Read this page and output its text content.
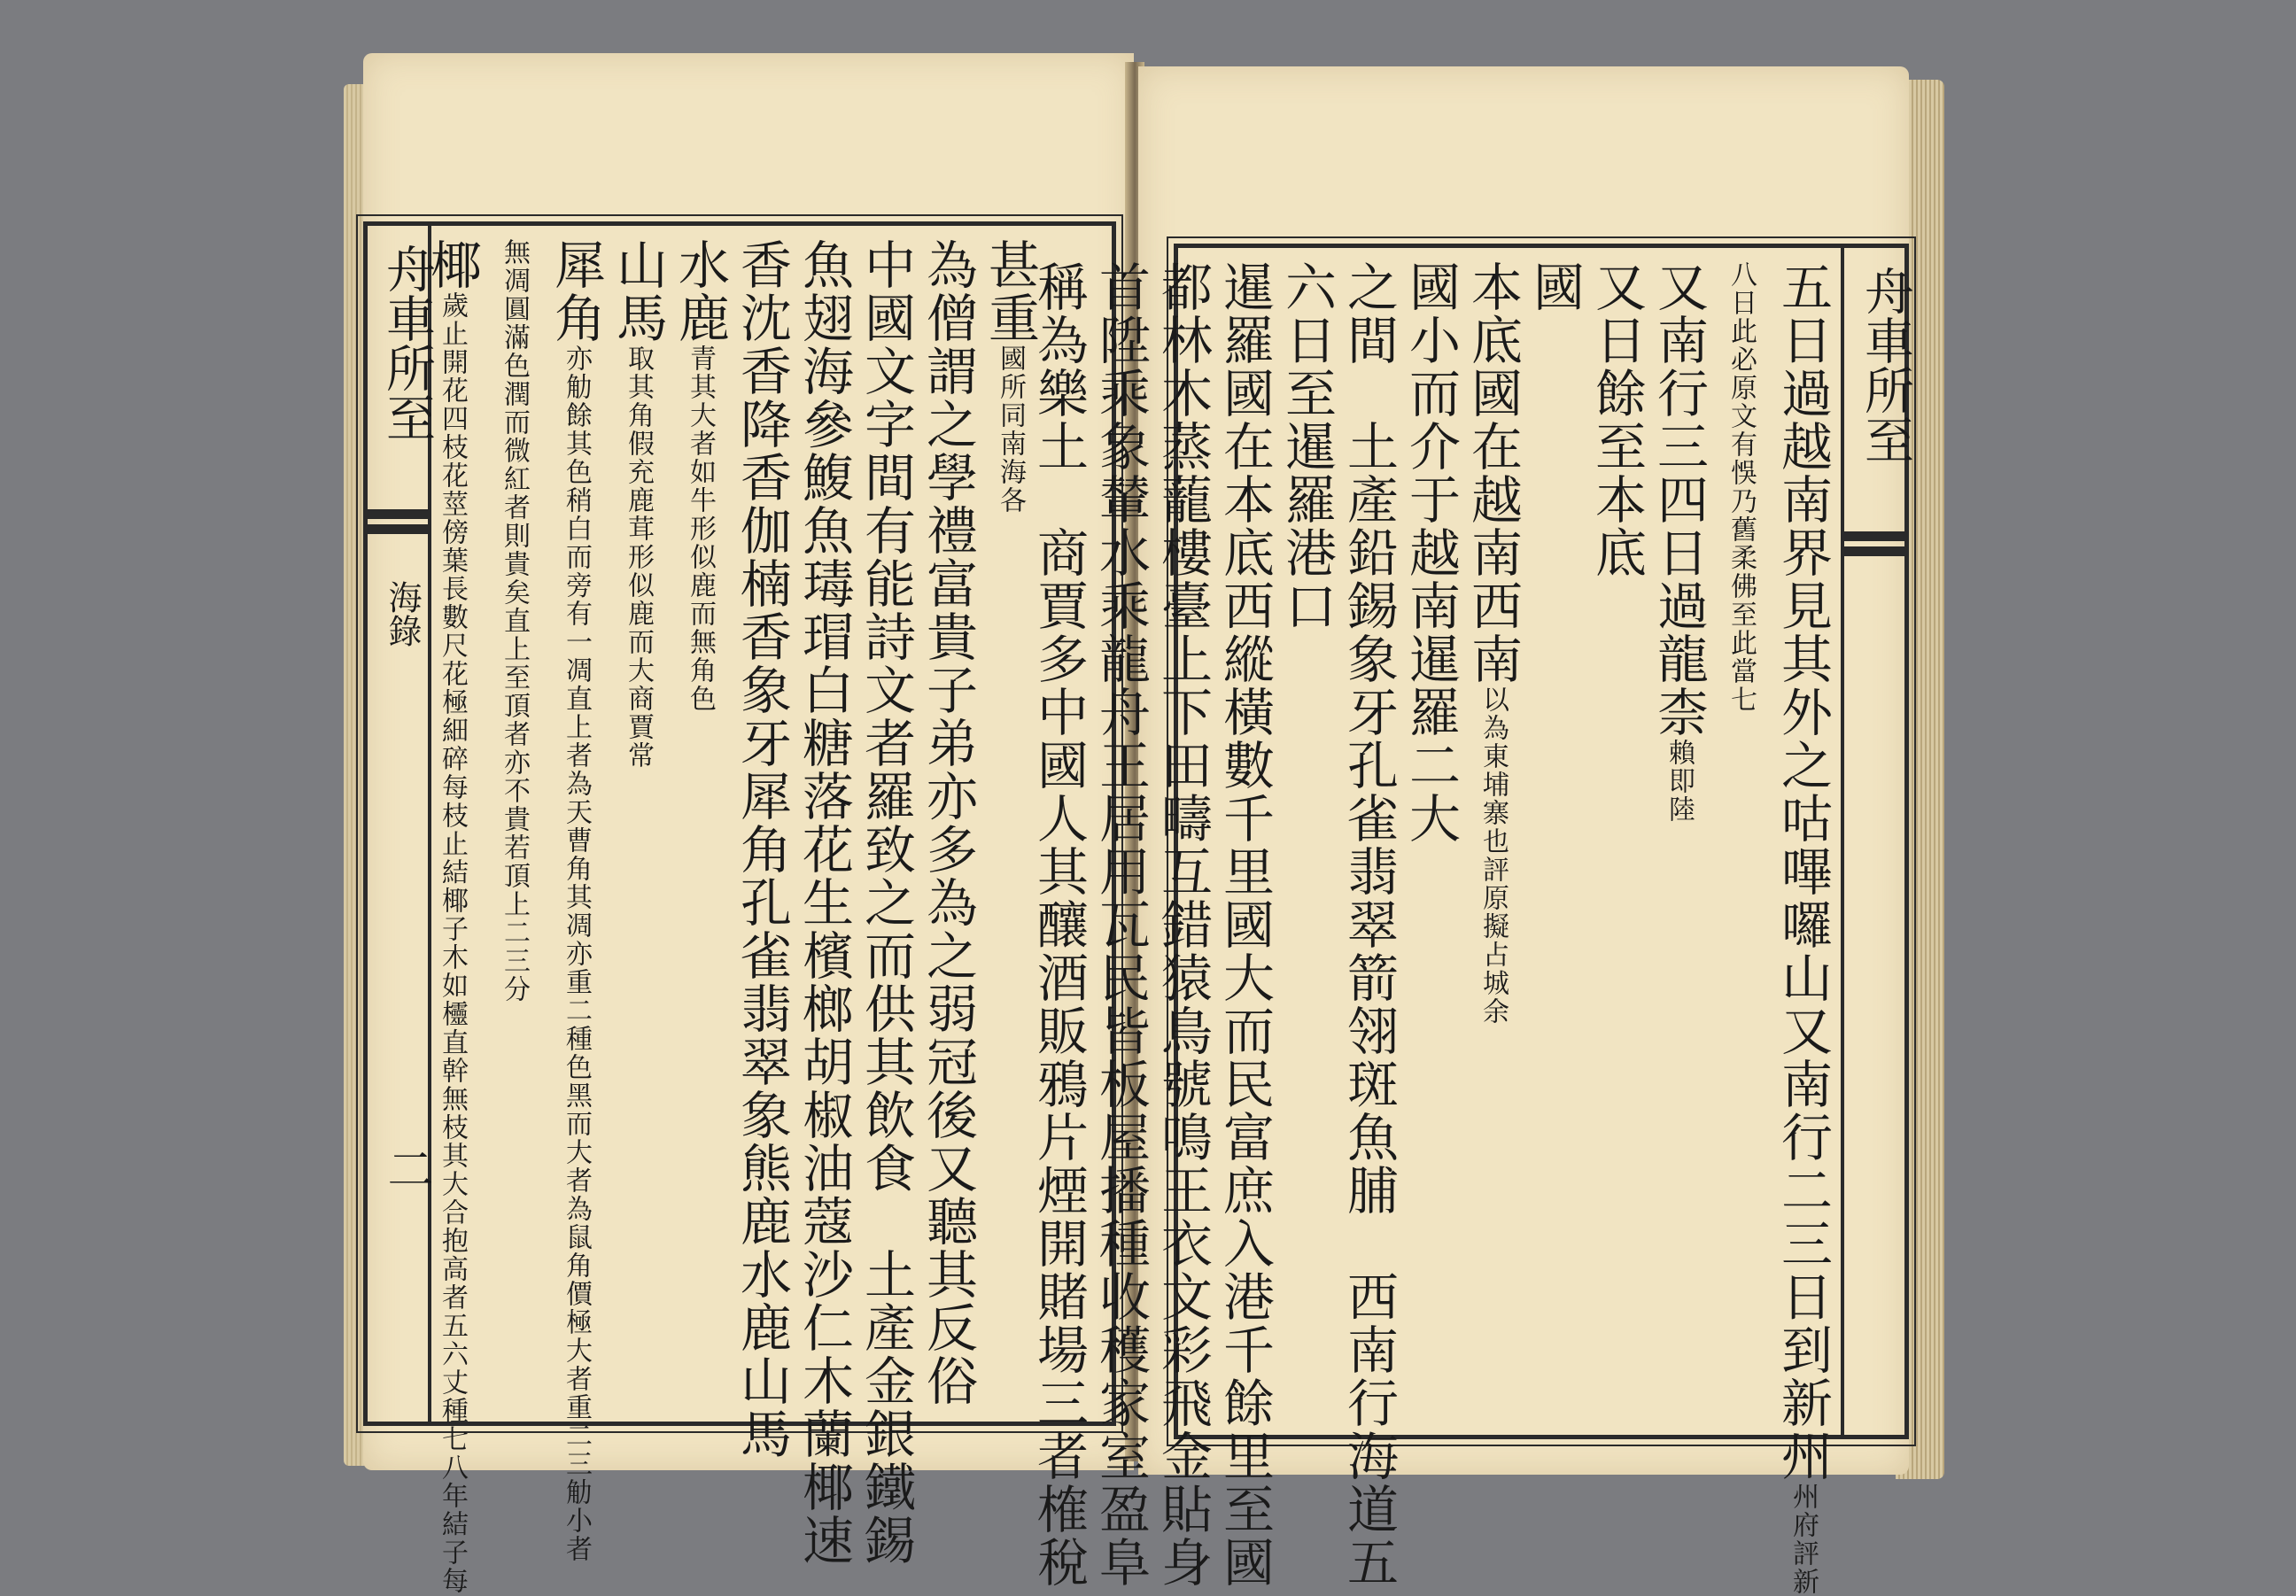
舟車所至
海錄
二
甚重
南海各
國所同
為僧謂之學禮富貴子弟亦多為之弱冠後又聽其反俗
中國文字間有能詩文者羅致之而供其飲食　土產金銀鐵錫
魚翅海參鰒魚瑇瑁白糖落花生檳榔胡椒油蔻沙仁木蘭椰速
香沈香降香伽楠香象牙犀角孔雀翡翠象熊鹿水鹿山馬
水鹿
形似鹿而無角色
青其大者如牛
山馬
形似鹿而大商賈常
取其角假充鹿茸
犀角
亦重二種色黑而大者為鼠角價極大者重二三觔小者
亦觔餘其色稍白而旁有一凋直上者為天曹角其凋
直上至頂者亦不貴若頂上二三分
無凋圓滿色潤而微紅者則貴矣
椰
木如欞直幹無枝其大合抱高者五六丈種七八年結子每
歲止開花四枝花莖傍葉長數尺花極細碎每枝止結椰子	五日過越南界見其外之咕嗶囉山又南行二三日到新州
評新
州府
乃舊柔佛至此當七
八日此必原文有悞
又南行三四日過龍柰
即陸
賴
又日餘至本底
國
本底國在越南西南
評原擬占城余
以為東埔寨也
國小而介于越南暹羅二大
之間　土產鉛錫象牙孔雀翡翠箭翎斑魚脯　西南行海道五
六日至暹羅港口
暹羅國在本底西縱橫數千里國大而民富庶入港千餘里至國
都林木蒸蘢樓臺上下田疇互錯猿鳥號鳴王衣文彩飛金貼身
首陞乘象輦水乘龍舟王居用瓦民皆板屋播種收穫家室盈阜
稱為樂土　商賈多中國人其釀酒販鴉片煙開賭場三者榷稅	舟車所至
